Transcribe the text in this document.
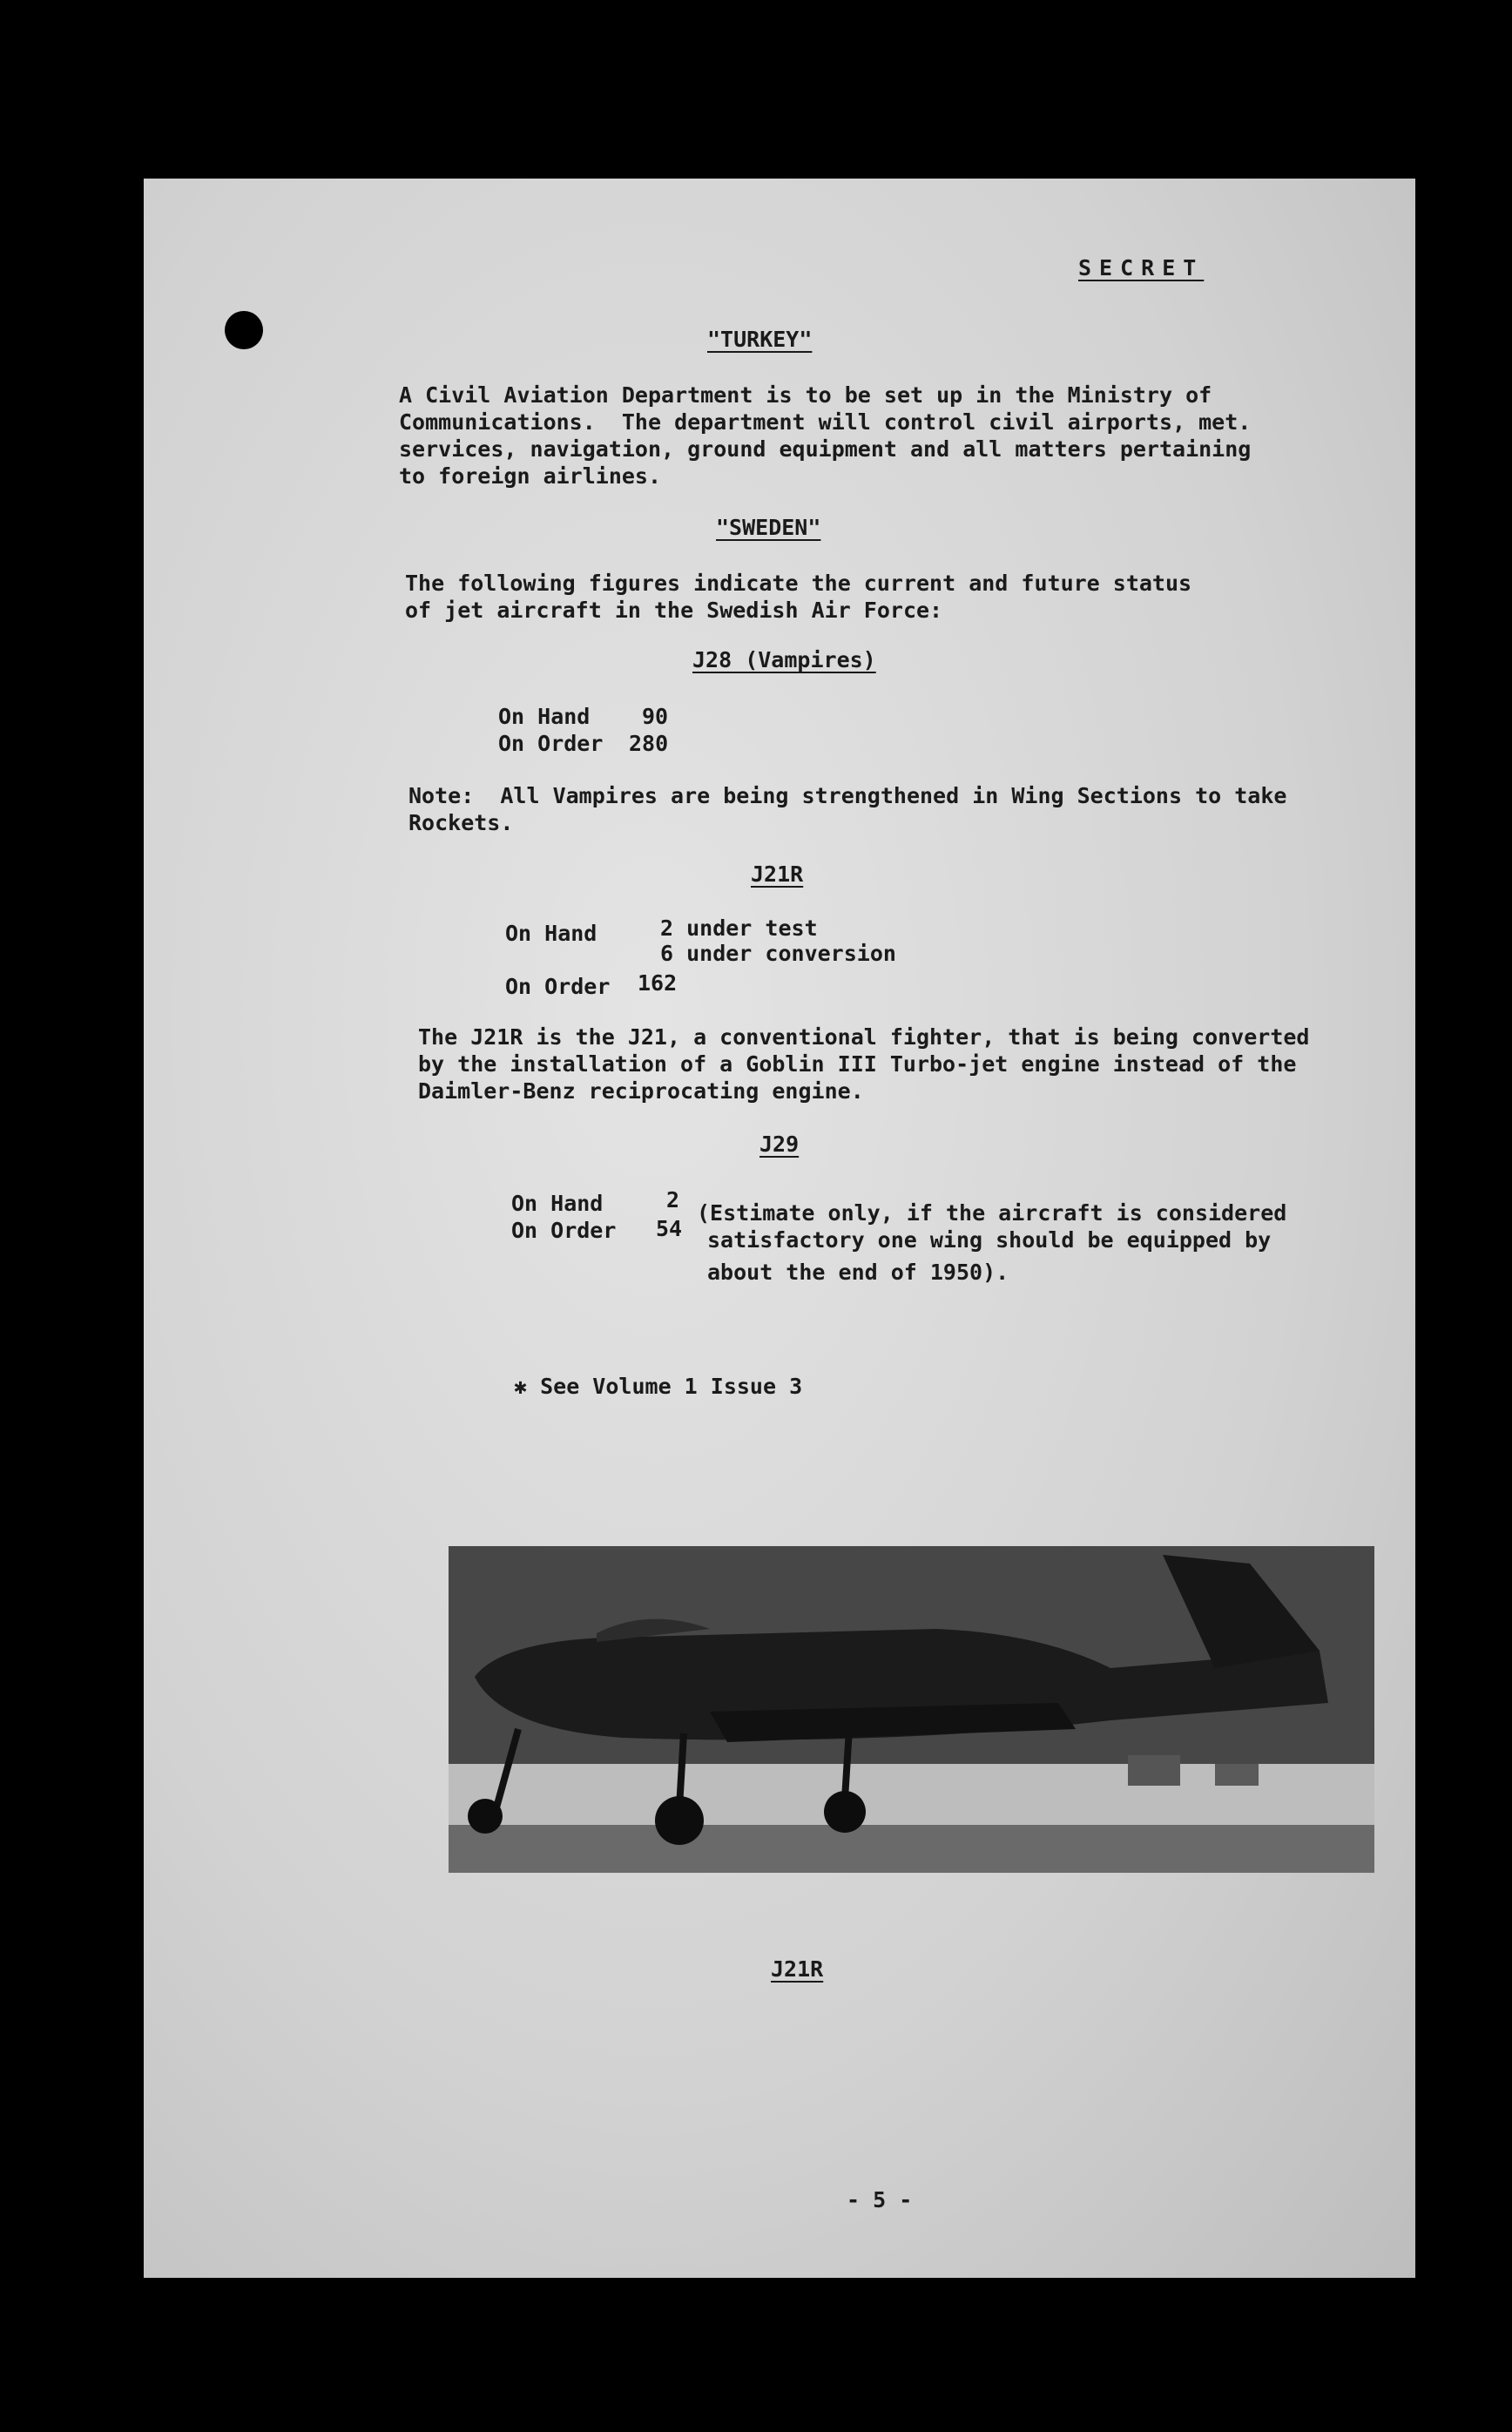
SECRET
"TURKEY"
A Civil Aviation Department is to be set up in the Ministry of
Communications.  The department will control civil airports, met.
services, navigation, ground equipment and all matters pertaining
to foreign airlines.
"SWEDEN"
The following figures indicate the current and future status
of jet aircraft in the Swedish Air Force:
J28 (Vampires)
On Hand 90
On Order 280
Note:  All Vampires are being strengthened in Wing Sections to take
Rockets.
J21R
On Hand	2 under test
6 under conversion
On Order 162
The J21R is the J21, a conventional fighter, that is being converted
by the installation of a Goblin III Turbo-jet engine instead of the
Daimler-Benz reciprocating engine.
J29
On Hand	2
On Order 54
(Estimate only, if the aircraft is considered
satisfactory one wing should be equipped by
about the end of 1950).
✱ See Volume 1 Issue 3
J21R
- 5 -
